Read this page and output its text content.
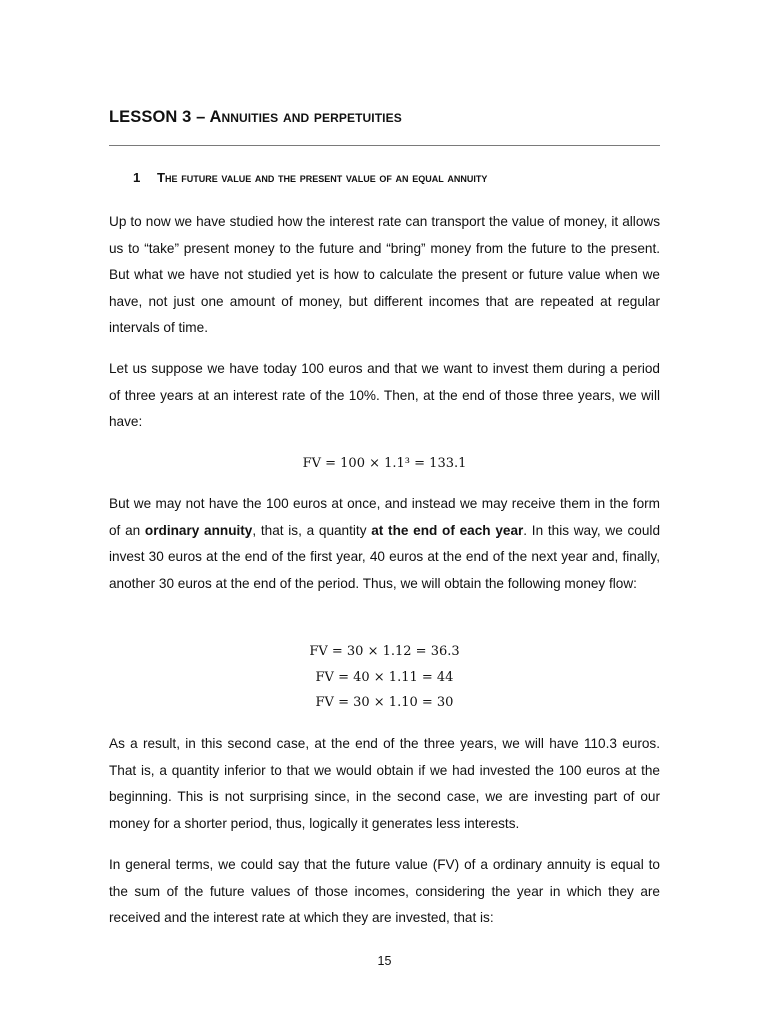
LESSON 3 – Annuities and perpetuities
1 The future value and the present value of an equal annuity

Up to now we have studied how the interest rate can transport the value of money, it allows us to “take” present money to the future and “bring” money from the future to the present. But what we have not studied yet is how to calculate the present or future value when we have, not just one amount of money, but different incomes that are repeated at regular intervals of time.

Let us suppose we have today 100 euros and that we want to invest them during a period of three years at an interest rate of the 10%. Then, at the end of those three years, we will have:

FV = 100 × 1.1³ = 133.1

But we may not have the 100 euros at once, and instead we may receive them in the form of an ordinary annuity, that is, a quantity at the end of each year. In this way, we could invest 30 euros at the end of the first year, 40 euros at the end of the next year and, finally, another 30 euros at the end of the period. Thus, we will obtain the following money flow:

FV = 30 × 1.12 = 36.3
FV = 40 × 1.11 = 44
FV = 30 × 1.10 = 30

As a result, in this second case, at the end of the three years, we will have 110.3 euros. That is, a quantity inferior to that we would obtain if we had invested the 100 euros at the beginning. This is not surprising since, in the second case, we are investing part of our money for a shorter period, thus, logically it generates less interests.

In general terms, we could say that the future value (FV) of a ordinary annuity is equal to the sum of the future values of those incomes, considering the year in which they are received and the interest rate at which they are invested, that is:

15
